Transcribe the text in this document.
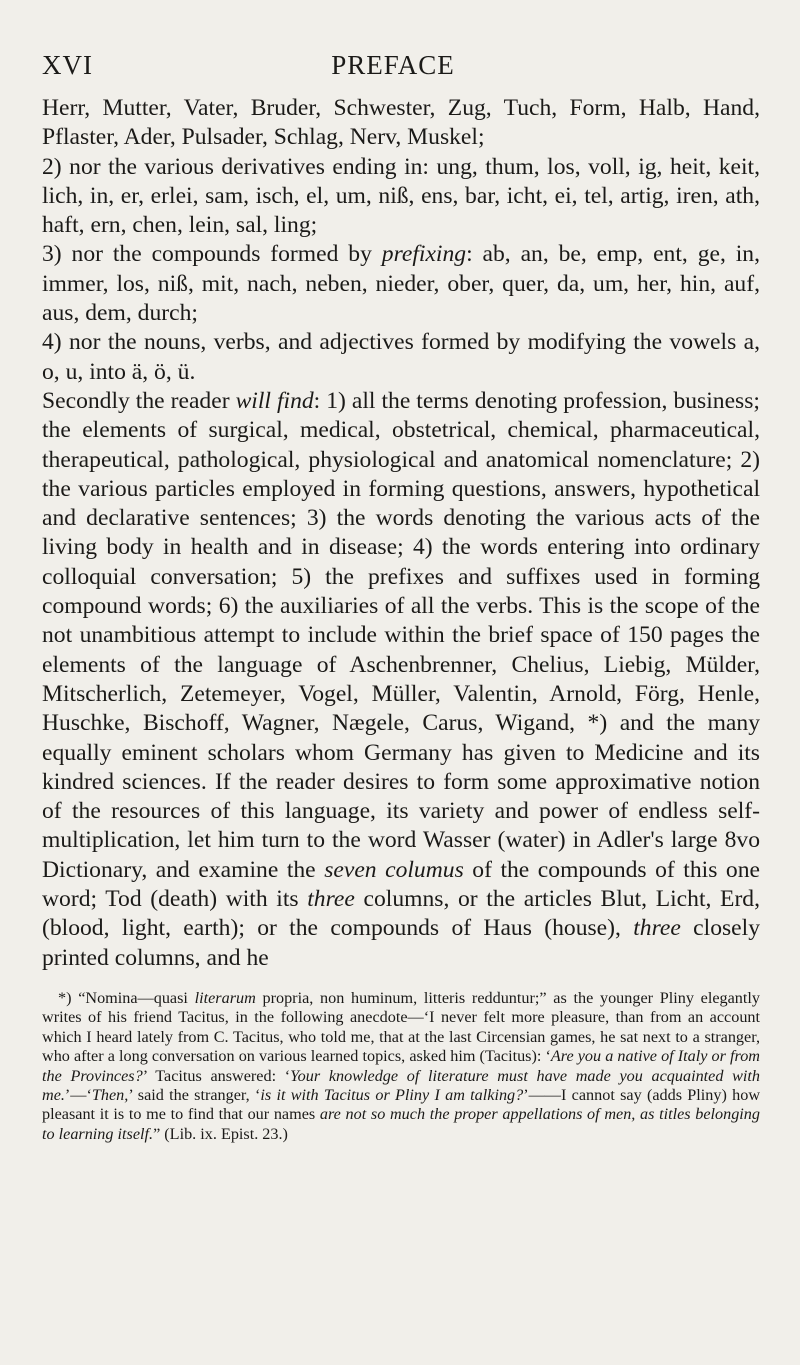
XVI	PREFACE

Herr, Mutter, Vater, Bruder, Schwester, Zug, Tuch, Form, Halb, Hand, Pflaster, Ader, Pulsader, Schlag, Nerv, Muskel;

2) nor the various derivatives ending in: ung, thum, los, voll, ig, heit, keit, lich, in, er, erlei, sam, isch, el, um, niß, ens, bar, icht, ei, tel, artig, iren, ath, haft, ern, chen, lein, sal, ling;

3) nor the compounds formed by prefixing: ab, an, be, emp, ent, ge, in, immer, los, niß, mit, nach, neben, nieder, ober, quer, da, um, her, hin, auf, aus, dem, durch;

4) nor the nouns, verbs, and adjectives formed by modifying the vowels a, o, u, into ä, ö, ü.

Secondly the reader will find: 1) all the terms denoting profession, business; the elements of surgical, medical, obstetrical, chemical, pharmaceutical, therapeutical, pathological, physiological and anatomical nomenclature; 2) the various particles employed in forming questions, answers, hypothetical and declarative sentences; 3) the words denoting the various acts of the living body in health and in disease; 4) the words entering into ordinary colloquial conversation; 5) the prefixes and suffixes used in forming compound words; 6) the auxiliaries of all the verbs. This is the scope of the not unambitious attempt to include within the brief space of 150 pages the elements of the language of Aschenbrenner, Chelius, Liebig, Mülder, Mitscherlich, Zetemeyer, Vogel, Müller, Valentin, Arnold, Förg, Henle, Huschke, Bischoff, Wagner, Nægele, Carus, Wigand, *) and the many equally eminent scholars whom Germany has given to Medicine and its kindred sciences. If the reader desires to form some approximative notion of the resources of this language, its variety and power of endless self-multiplication, let him turn to the word Wasser (water) in Adler's large 8vo Dictionary, and examine the seven columus of the compounds of this one word; Tod (death) with its three columns, or the articles Blut, Licht, Erd, (blood, light, earth); or the compounds of Haus (house), three closely printed columns, and he

*) “Nomina—quasi literarum propria, non huminum, litteris redduntur;” as the younger Pliny elegantly writes of his friend Tacitus, in the following anecdote—‘I never felt more pleasure, than from an account which I heard lately from C. Tacitus, who told me, that at the last Circensian games, he sat next to a stranger, who after a long conversation on various learned topics, asked him (Tacitus): ‘Are you a native of Italy or from the Provinces?’ Tacitus answered: ‘Your knowledge of literature must have made you acquainted with me.’—‘Then,’ said the stranger, ‘is it with Tacitus or Pliny I am talking?’——I cannot say (adds Pliny) how pleasant it is to me to find that our names are not so much the proper appellations of men, as titles belonging to learning itself.” (Lib. ix. Epist. 23.)
